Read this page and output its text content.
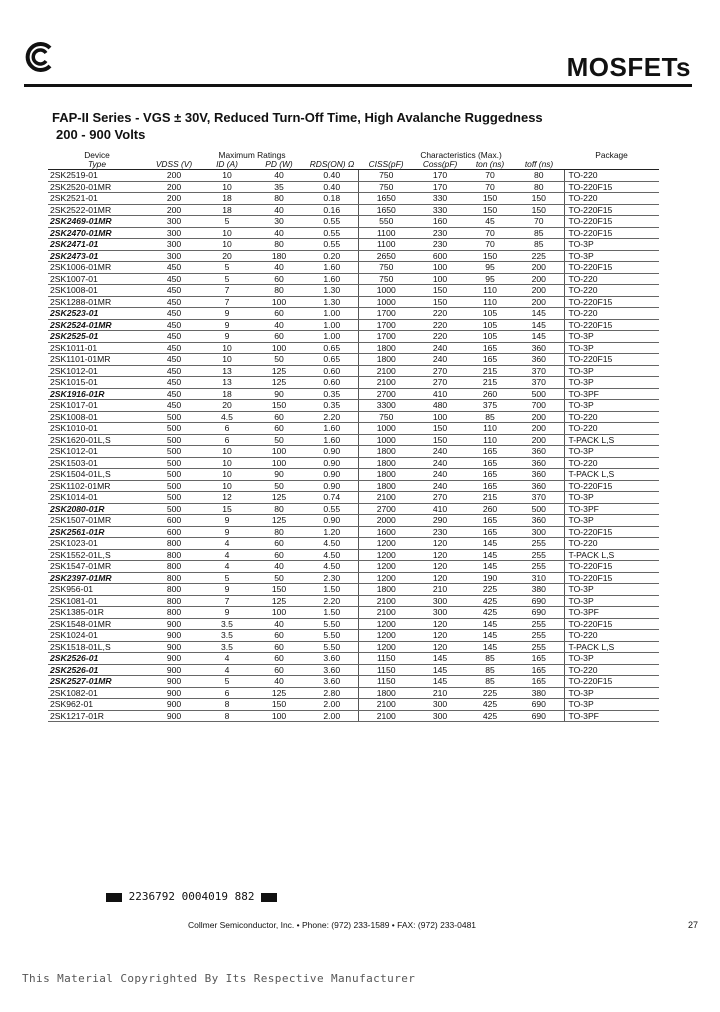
MOSFETs
FAP-II Series - VGS ± 30V, Reduced Turn-Off Time, High Avalanche Ruggedness
200 - 900 Volts
Device	Maximum Ratings				Characteristics (Max.)				Package
Type	VDSS (V)	ID (A)	PD (W)	RDS(ON) Ω	CISS(pF)	Coss(pF)	ton (ns)	toff (ns)	
2SK2519-01	200	10	40	0.40	750	170	70	80	TO-220
2SK2520-01MR	200	10	35	0.40	750	170	70	80	TO-220F15
2SK2521-01	200	18	80	0.18	1650	330	150	150	TO-220
2SK2522-01MR	200	18	40	0.16	1650	330	150	150	TO-220F15
2SK2469-01MR	300	5	30	0.55	550	160	45	70	TO-220F15
2SK2470-01MR	300	10	40	0.55	1100	230	70	85	TO-220F15
2SK2471-01	300	10	80	0.55	1100	230	70	85	TO-3P
2SK2473-01	300	20	180	0.20	2650	600	150	225	TO-3P
2SK1006-01MR	450	5	40	1.60	750	100	95	200	TO-220F15
2SK1007-01	450	5	60	1.60	750	100	95	200	TO-220
2SK1008-01	450	7	80	1.30	1000	150	110	200	TO-220
2SK1288-01MR	450	7	100	1.30	1000	150	110	200	TO-220F15
2SK2523-01	450	9	60	1.00	1700	220	105	145	TO-220
2SK2524-01MR	450	9	40	1.00	1700	220	105	145	TO-220F15
2SK2525-01	450	9	60	1.00	1700	220	105	145	TO-3P
2SK1011-01	450	10	100	0.65	1800	240	165	360	TO-3P
2SK1101-01MR	450	10	50	0.65	1800	240	165	360	TO-220F15
2SK1012-01	450	13	125	0.60	2100	270	215	370	TO-3P
2SK1015-01	450	13	125	0.60	2100	270	215	370	TO-3P
2SK1916-01R	450	18	90	0.35	2700	410	260	500	TO-3PF
2SK1017-01	450	20	150	0.35	3300	480	375	700	TO-3P
2SK1008-01	500	4.5	60	2.20	750	100	85	200	TO-220
2SK1010-01	500	6	60	1.60	1000	150	110	200	TO-220
2SK1620-01L,S	500	6	50	1.60	1000	150	110	200	T-PACK L,S
2SK1012-01	500	10	100	0.90	1800	240	165	360	TO-3P
2SK1503-01	500	10	100	0.90	1800	240	165	360	TO-220
2SK1504-01L,S	500	10	90	0.90	1800	240	165	360	T-PACK L,S
2SK1102-01MR	500	10	50	0.90	1800	240	165	360	TO-220F15
2SK1014-01	500	12	125	0.74	2100	270	215	370	TO-3P
2SK2080-01R	500	15	80	0.55	2700	410	260	500	TO-3PF
2SK1507-01MR	600	9	125	0.90	2000	290	165	360	TO-3P
2SK2561-01R	600	9	80	1.20	1600	230	165	300	TO-220F15
2SK1023-01	800	4	60	4.50	1200	120	145	255	TO-220
2SK1552-01L,S	800	4	60	4.50	1200	120	145	255	T-PACK L,S
2SK1547-01MR	800	4	40	4.50	1200	120	145	255	TO-220F15
2SK2397-01MR	800	5	50	2.30	1200	120	190	310	TO-220F15
2SK956-01	800	9	150	1.50	1800	210	225	380	TO-3P
2SK1081-01	800	7	125	2.20	2100	300	425	690	TO-3P
2SK1385-01R	800	9	100	1.50	2100	300	425	690	TO-3PF
2SK1548-01MR	900	3.5	40	5.50	1200	120	145	255	TO-220F15
2SK1024-01	900	3.5	60	5.50	1200	120	145	255	TO-220
2SK1518-01L,S	900	3.5	60	5.50	1200	120	145	255	T-PACK L,S
2SK2526-01	900	4	60	3.60	1150	145	85	165	TO-3P
2SK2526-01	900	4	60	3.60	1150	145	85	165	TO-220
2SK2527-01MR	900	5	40	3.60	1150	145	85	165	TO-220F15
2SK1082-01	900	6	125	2.80	1800	210	225	380	TO-3P
2SK962-01	900	8	150	2.00	2100	300	425	690	TO-3P
2SK1217-01R	900	8	100	2.00	2100	300	425	690	TO-3PF
2236792 0004019 882
Collmer Semiconductor, Inc. • Phone: (972) 233-1589 • FAX: (972) 233-0481	27
This Material Copyrighted By Its Respective Manufacturer
